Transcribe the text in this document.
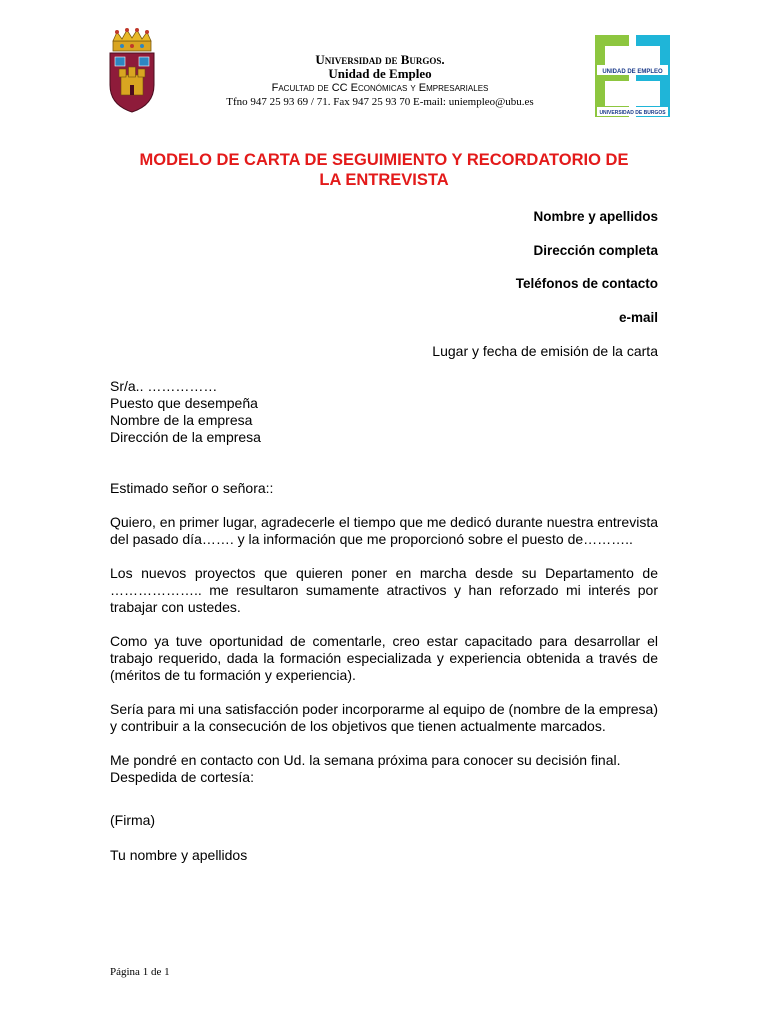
Universidad de Burgos.
Unidad de Empleo
Facultad de CC Económicas y Empresariales
Tfno 947 25 93 69 / 71. Fax 947 25 93 70 E-mail: uniempleo@ubu.es
UNIDAD DE EMPLEO
UNIVERSIDAD DE BURGOS
MODELO DE CARTA DE SEGUIMIENTO Y RECORDATORIO DE
LA ENTREVISTA
Nombre y apellidos
Dirección completa
Teléfonos de contacto
e-mail
Lugar y fecha de emisión de la carta

Sr/a.. ……………

Puesto que desempeña

Nombre de la empresa

Dirección de la empresa

Estimado señor o señora::

Quiero, en primer lugar, agradecerle el tiempo que me dedicó durante nuestra entrevista del pasado día……. y la información que me proporcionó sobre el puesto de………..

Los nuevos proyectos que quieren poner en marcha desde su Departamento de ……………….. me resultaron sumamente atractivos y han reforzado mi interés por trabajar con ustedes.

Como ya tuve oportunidad de comentarle, creo estar capacitado para desarrollar el trabajo requerido, dada la formación especializada y experiencia obtenida a través de (méritos de tu formación y experiencia).

Sería para mi una satisfacción poder incorporarme al equipo de (nombre de la empresa) y contribuir a la consecución de los objetivos que tienen actualmente marcados.

Me pondré en contacto con Ud. la semana próxima para conocer su decisión final.

Despedida de cortesía:

(Firma)

Tu nombre y apellidos

Página 1 de 1
